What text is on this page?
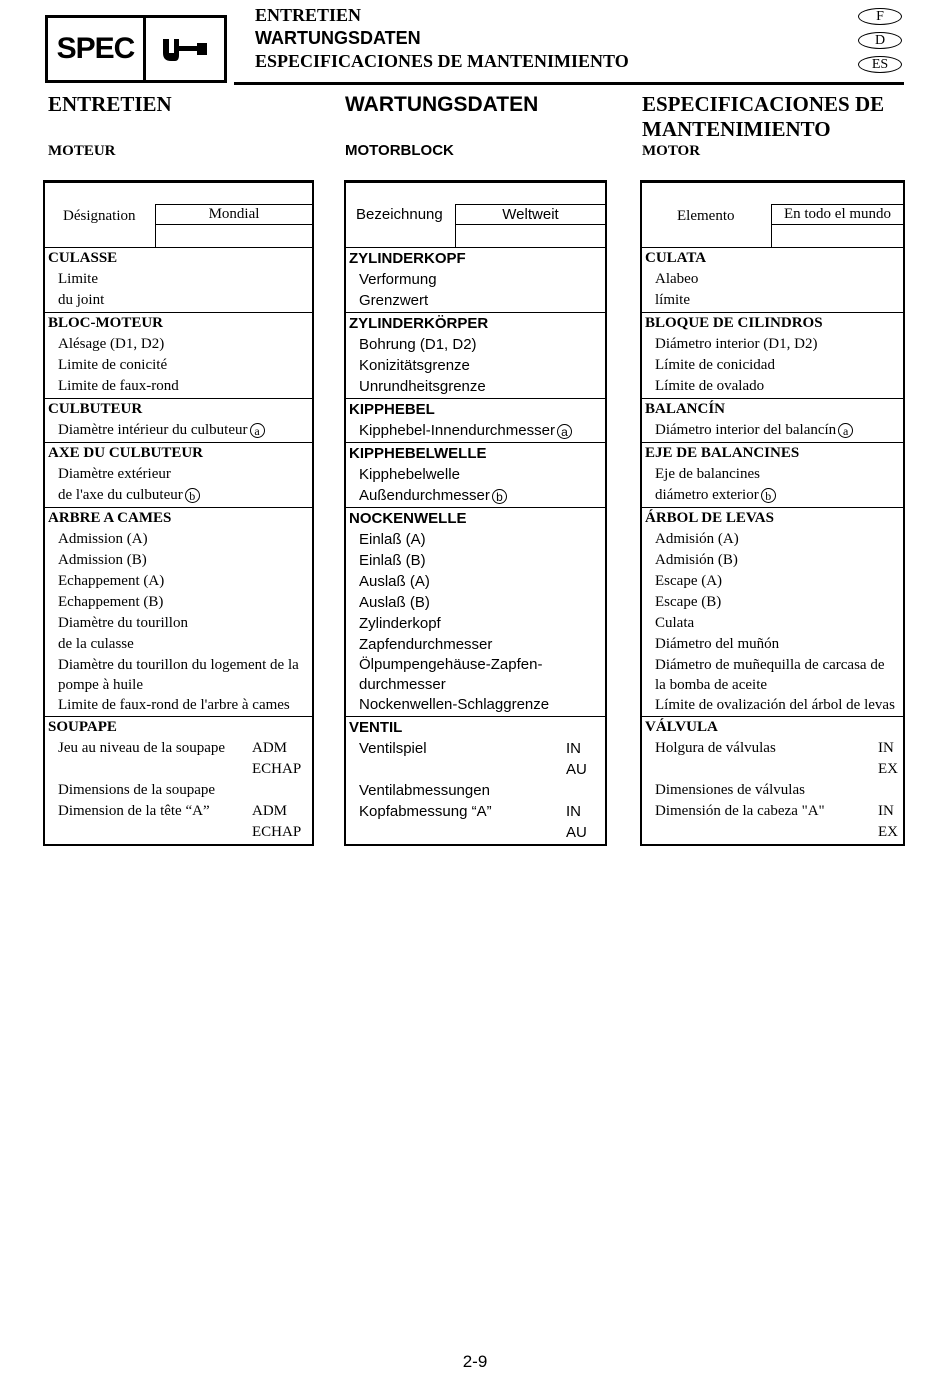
SPEC
ENTRETIEN
WARTUNGSDATEN
ESPECIFICACIONES DE MANTENIMIENTO
F
D
ES
ENTRETIEN
MOTEUR
WARTUNGSDATEN
MOTORBLOCK
ESPECIFICACIONES DE MANTENIMIENTO
MOTOR
Désignation	Mondial
CULASSE
Limite
du joint
BLOC-MOTEUR
Alésage (D1, D2)
Limite de conicité
Limite de faux-rond
CULBUTEUR
Diamètre intérieur du culbuteur a
AXE DU CULBUTEUR
Diamètre extérieur
de l'axe du culbuteur b
ARBRE A CAMES
Admission (A)
Admission (B)
Echappement (A)
Echappement (B)
Diamètre du tourillon
de la culasse
Diamètre du tourillon du logement de la pompe à huile
Limite de faux-rond de l'arbre à cames
SOUPAPE
Jeu au niveau de la soupape ADM
ECHAP
Dimensions de la soupape
Dimension de la tête “A”	ADM
ECHAP
Bezeichnung	Weltweit
ZYLINDERKOPF
Verformung
Grenzwert
ZYLINDERKÖRPER
Bohrung (D1, D2)
Konizitätsgrenze
Unrundheitsgrenze
KIPPHEBEL
Kipphebel-Innendurchmesser a
KIPPHEBELWELLE
Kipphebelwelle
Außendurchmesser b
NOCKENWELLE
Einlaß (A)
Einlaß (B)
Auslaß (A)
Auslaß (B)
Zylinderkopf
Zapfendurchmesser
Ölpumpengehäuse-Zapfen-durchmesser
Nockenwellen-Schlaggrenze
VENTIL
Ventilspiel	IN
AU
Ventilabmessungen
Kopfabmessung “A”	IN
AU
Elemento	En todo el mundo
CULATA
Alabeo
límite
BLOQUE DE CILINDROS
Diámetro interior (D1, D2)
Límite de conicidad
Límite de ovalado
BALANCÍN
Diámetro interior del balancín a
EJE DE BALANCINES
Eje de balancines
diámetro exterior b
ÁRBOL DE LEVAS
Admisión (A)
Admisión (B)
Escape (A)
Escape (B)
Culata
Diámetro del muñón
Diámetro de muñequilla de carcasa de la bomba de aceite
Límite de ovalización del árbol de levas
VÁLVULA
Holgura de válvulas	IN
EX
Dimensiones de válvulas
Dimensión de la cabeza "A"	IN
EX
2-9
